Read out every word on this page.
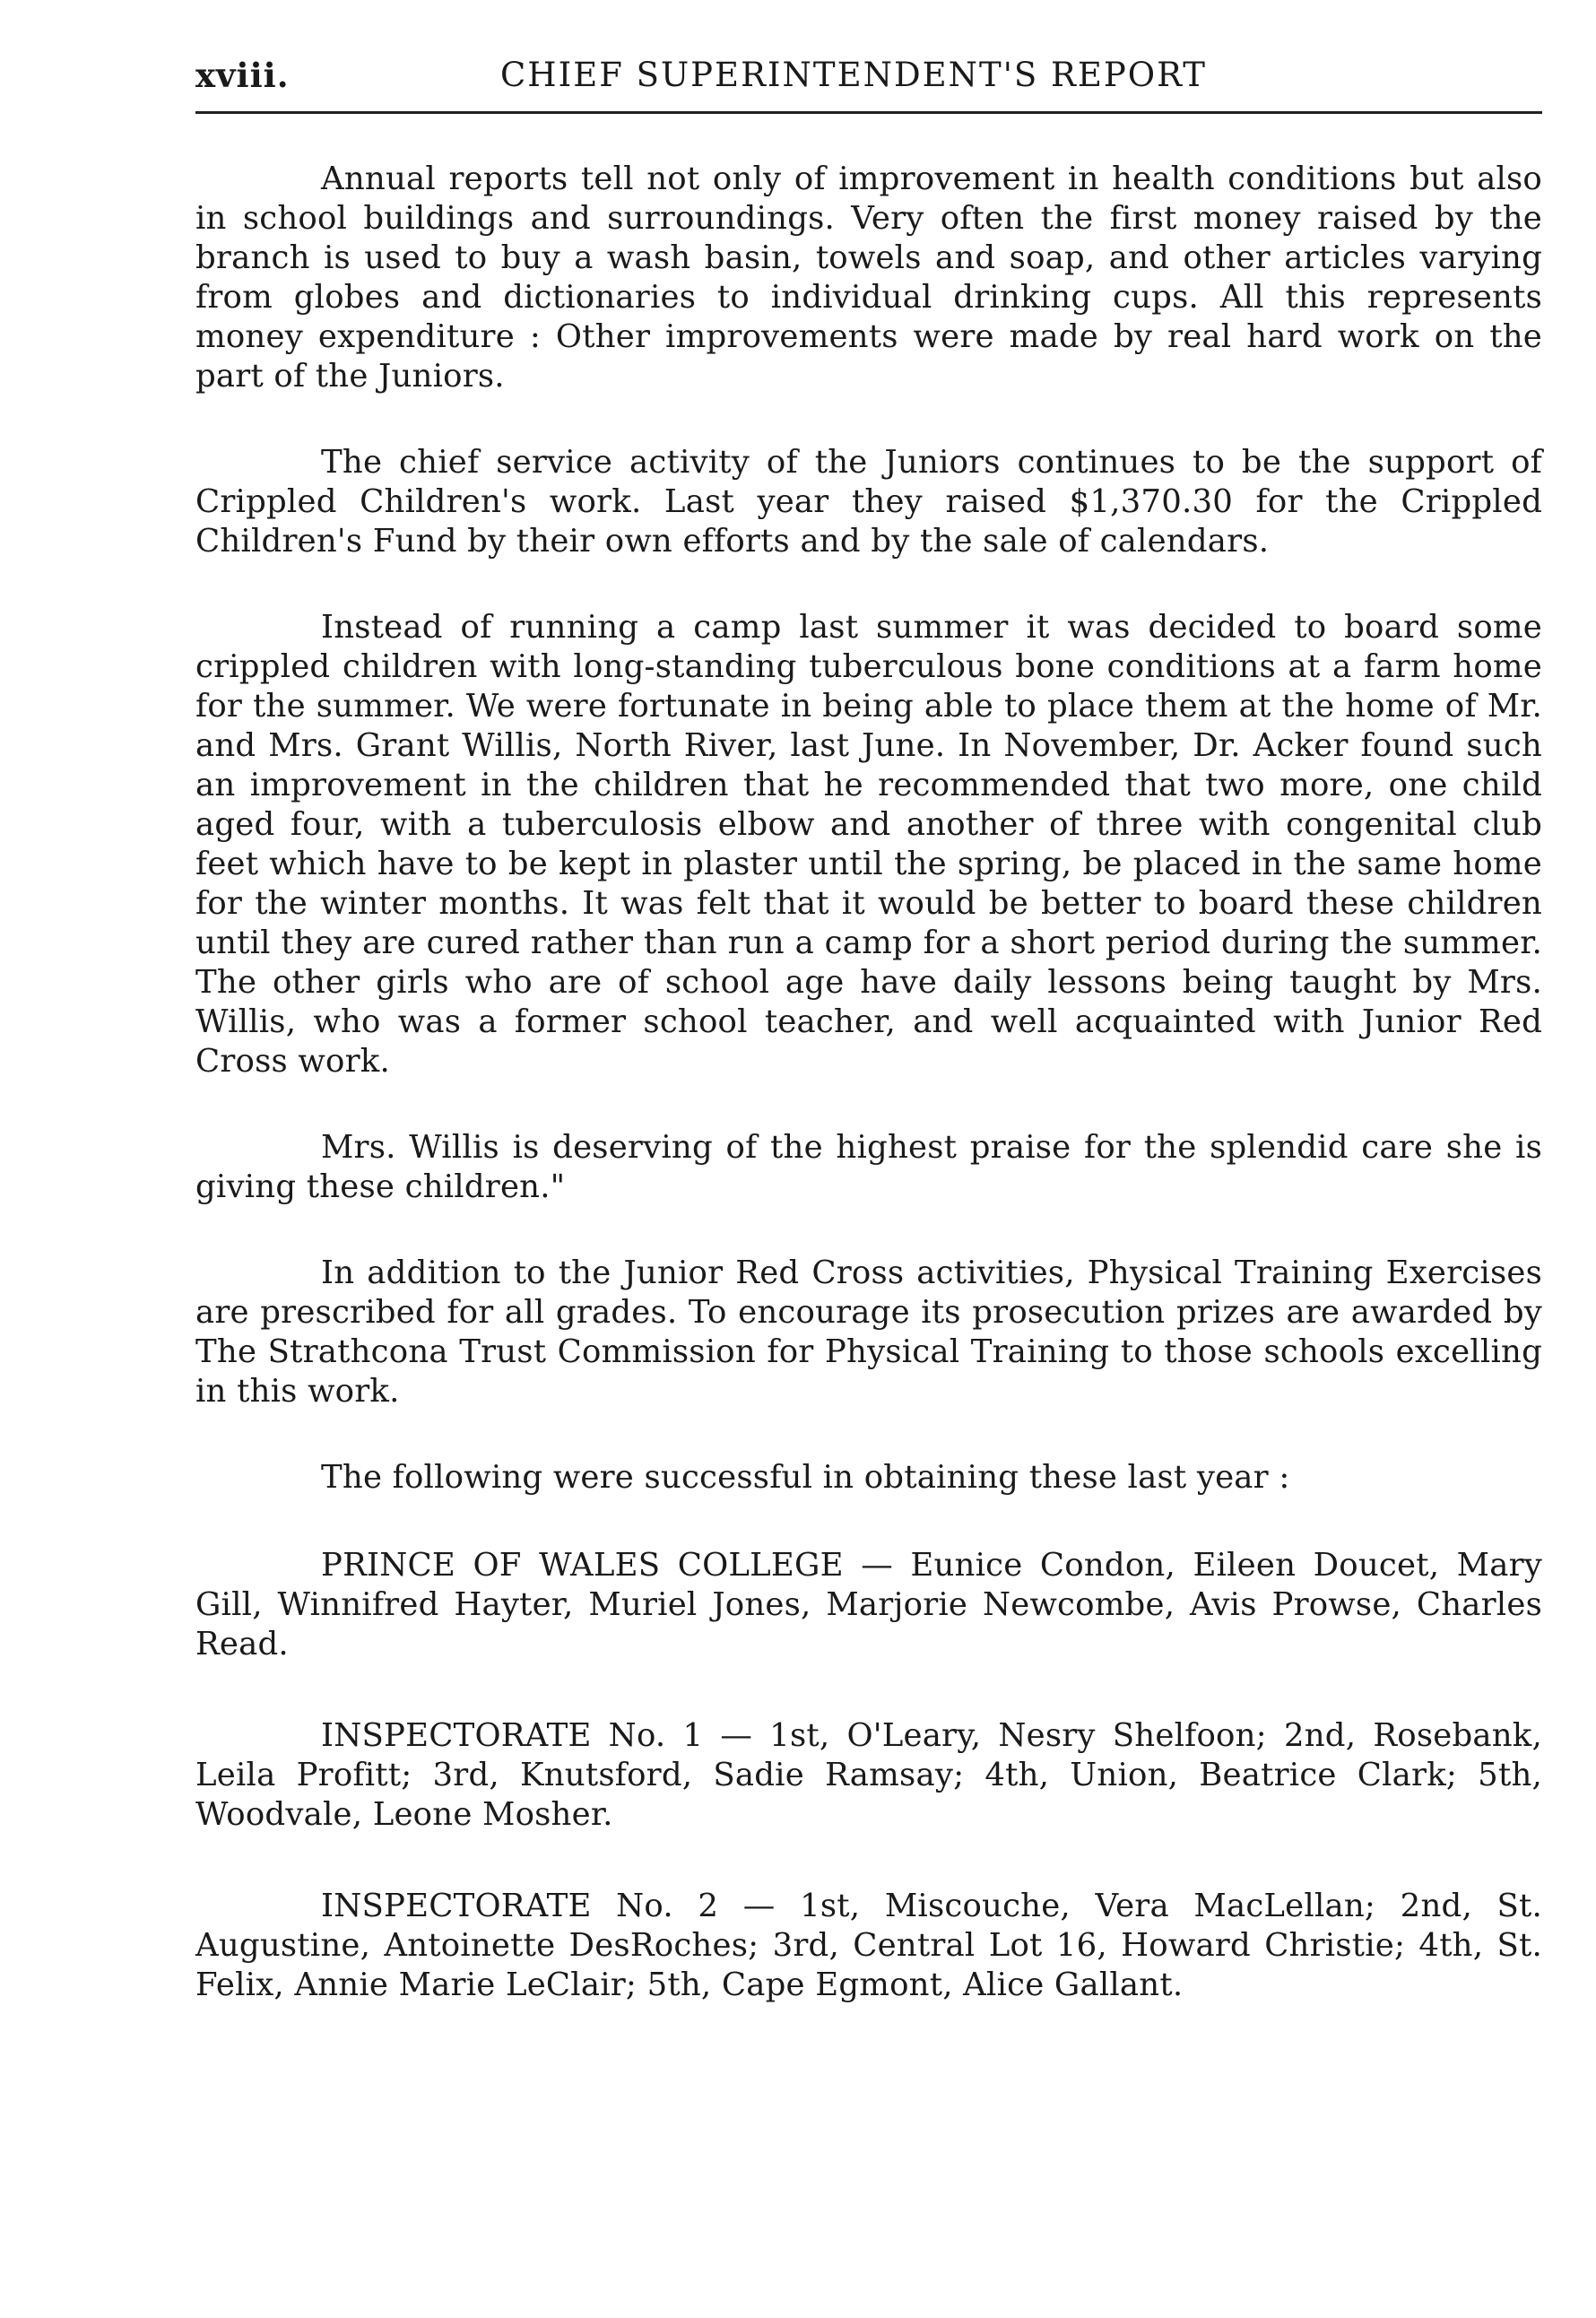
xviii.	CHIEF SUPERINTENDENT'S REPORT

Annual reports tell not only of improvement in health conditions but also in school buildings and surroundings. Very often the first money raised by the branch is used to buy a wash basin, towels and soap, and other articles varying from globes and dictionaries to individual drinking cups. All this represents money expenditure : Other improvements were made by real hard work on the part of the Juniors.

The chief service activity of the Juniors continues to be the support of Crippled Children's work. Last year they raised $1,370.30 for the Crippled Children's Fund by their own efforts and by the sale of calendars.

Instead of running a camp last summer it was decided to board some crippled children with long-standing tuberculous bone conditions at a farm home for the summer. We were fortunate in being able to place them at the home of Mr. and Mrs. Grant Willis, North River, last June. In November, Dr. Acker found such an improvement in the children that he recommended that two more, one child aged four, with a tuberculosis elbow and another of three with congenital club feet which have to be kept in plaster until the spring, be placed in the same home for the winter months. It was felt that it would be better to board these children until they are cured rather than run a camp for a short period during the summer. The other girls who are of school age have daily lessons being taught by Mrs. Willis, who was a former school teacher, and well acquainted with Junior Red Cross work.

Mrs. Willis is deserving of the highest praise for the splendid care she is giving these children."

In addition to the Junior Red Cross activities, Physical Training Exercises are prescribed for all grades. To encourage its prosecution prizes are awarded by The Strathcona Trust Commission for Physical Training to those schools excelling in this work.

The following were successful in obtaining these last year :

PRINCE OF WALES COLLEGE — Eunice Condon, Eileen Doucet, Mary Gill, Winnifred Hayter, Muriel Jones, Marjorie Newcombe, Avis Prowse, Charles Read.

INSPECTORATE No. 1 — 1st, O'Leary, Nesry Shelfoon; 2nd, Rosebank, Leila Profitt; 3rd, Knutsford, Sadie Ramsay; 4th, Union, Beatrice Clark; 5th, Woodvale, Leone Mosher.

INSPECTORATE No. 2 — 1st, Miscouche, Vera MacLellan; 2nd, St. Augustine, Antoinette DesRoches; 3rd, Central Lot 16, Howard Christie; 4th, St. Felix, Annie Marie LeClair; 5th, Cape Egmont, Alice Gallant.
